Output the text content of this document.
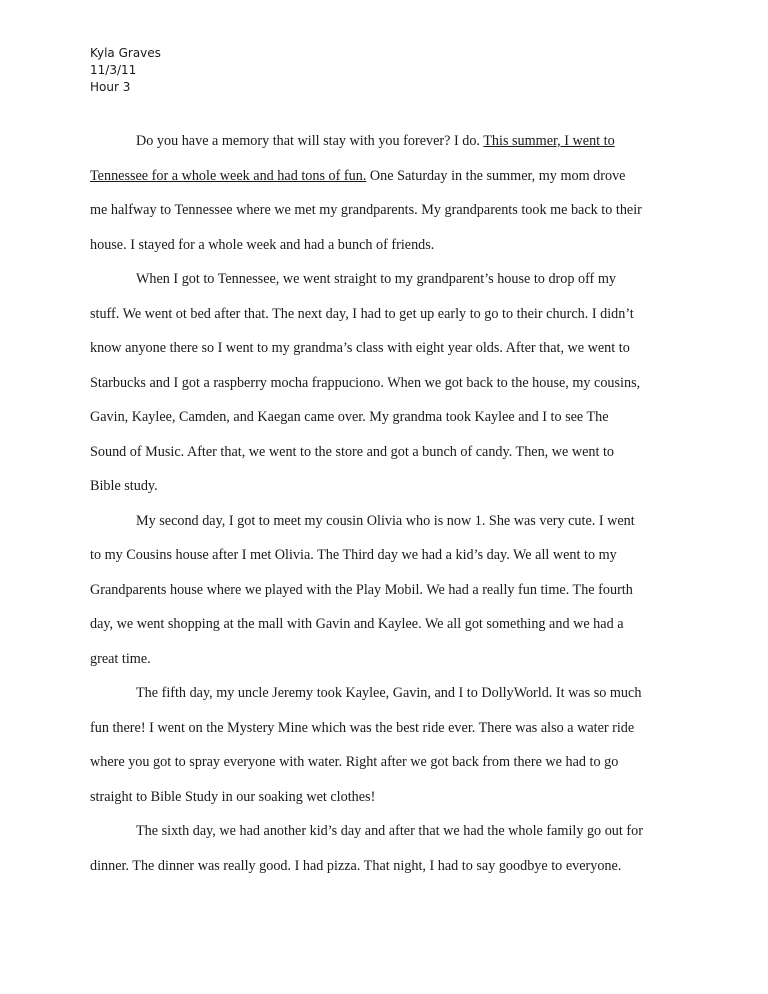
Kyla Graves
11/3/11
Hour 3
Do you have a memory that will stay with you forever? I do. This summer, I went to
Tennessee for a whole week and had tons of fun. One Saturday in the summer, my mom drove
me halfway to Tennessee where we met my grandparents. My grandparents took me back to their
house. I stayed for a whole week and had a bunch of friends.
When I got to Tennessee, we went straight to my grandparent’s house to drop off my
stuff. We went ot bed after that. The next day, I had to get up early to go to their church. I didn’t
know anyone there so I went to my grandma’s class with eight year olds. After that, we went to
Starbucks and I got a raspberry mocha frappuciono. When we got back to the house, my cousins,
Gavin, Kaylee, Camden, and Kaegan came over. My grandma took Kaylee and I to see The
Sound of Music. After that, we went to the store and got a bunch of candy. Then, we went to
Bible study.
My second day, I got to meet my cousin Olivia who is now 1. She was very cute. I went
to my Cousins house after I met Olivia. The Third day we had a kid’s day. We all went to my
Grandparents house where we played with the Play Mobil. We had a really fun time. The fourth
day, we went shopping at the mall with Gavin and Kaylee. We all got something and we had a
great time.
The fifth day, my uncle Jeremy took Kaylee, Gavin, and I to DollyWorld. It was so much
fun there! I went on the Mystery Mine which was the best ride ever. There was also a water ride
where you got to spray everyone with water. Right after we got back from there we had to go
straight to Bible Study in our soaking wet clothes!
The sixth day, we had another kid’s day and after that we had the whole family go out for
dinner. The dinner was really good. I had pizza. That night, I had to say goodbye to everyone.
